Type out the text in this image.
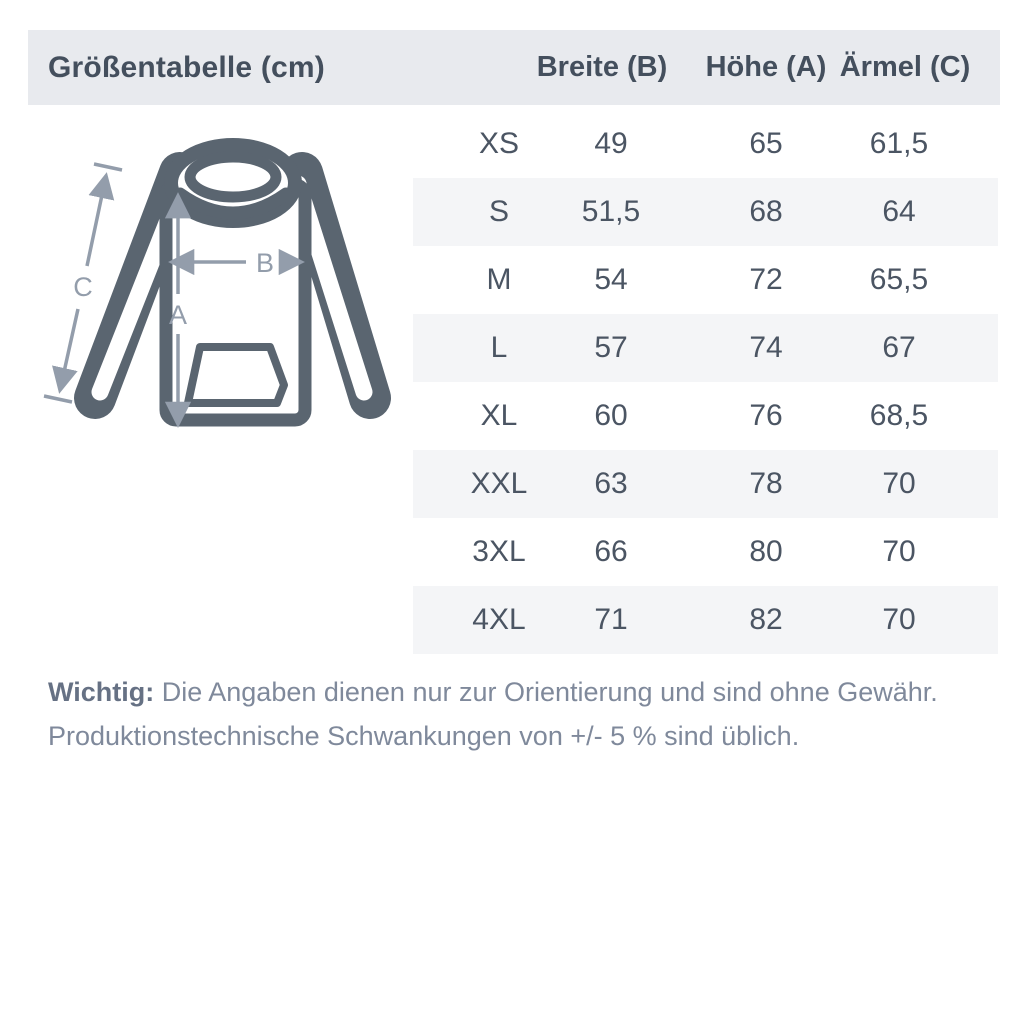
Größentabelle (cm)	Breite (B) Höhe (A) Ärmel (C)
A
B
C
XS	49	65	61,5
S 51,5	68	64
M	54	72	65,5
L	57	74	67
XL	60	76	68,5
XXL 63	78	70
3XL 66	80	70
4XL 71	82	70
Wichtig: Die Angaben dienen nur zur Orientierung und sind ohne Gewähr.
Produktionstechnische Schwankungen von +/- 5 % sind üblich.
